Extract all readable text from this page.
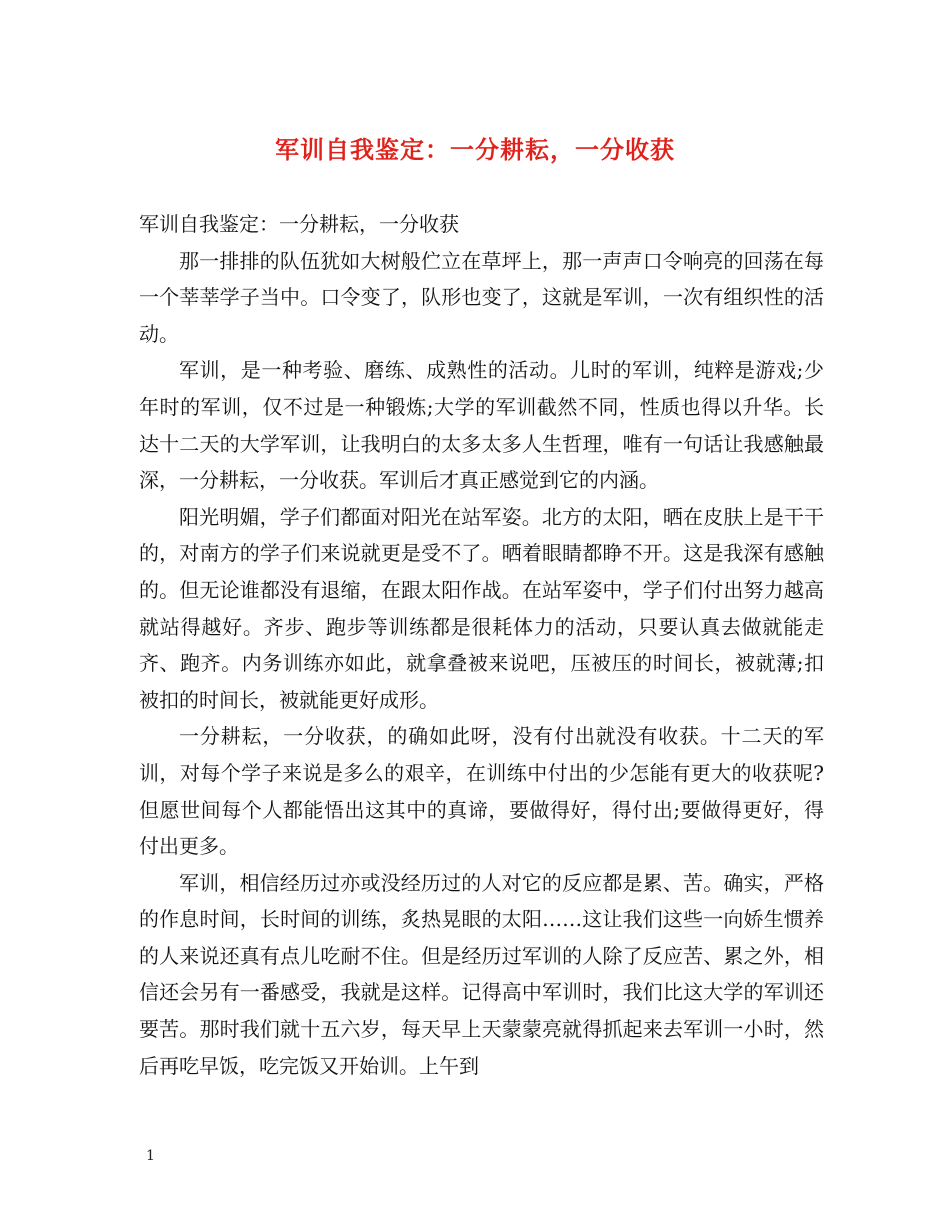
军训自我鉴定：一分耕耘，一分收获

军训自我鉴定：一分耕耘，一分收获

那一排排的队伍犹如大树般伫立在草坪上，那一声声口令响亮的回荡在每一个莘莘学子当中。口令变了，队形也变了，这就是军训，一次有组织性的活动。

军训，是一种考验、磨练、成熟性的活动。儿时的军训，纯粹是游戏;少年时的军训，仅不过是一种锻炼;大学的军训截然不同，性质也得以升华。长达十二天的大学军训，让我明白的太多太多人生哲理，唯有一句话让我感触最深，一分耕耘，一分收获。军训后才真正感觉到它的内涵。

阳光明媚，学子们都面对阳光在站军姿。北方的太阳，晒在皮肤上是干干的，对南方的学子们来说就更是受不了。晒着眼睛都睁不开。这是我深有感触的。但无论谁都没有退缩，在跟太阳作战。在站军姿中，学子们付出努力越高就站得越好。齐步、跑步等训练都是很耗体力的活动，只要认真去做就能走齐、跑齐。内务训练亦如此，就拿叠被来说吧，压被压的时间长，被就薄;扣被扣的时间长，被就能更好成形。

一分耕耘，一分收获，的确如此呀，没有付出就没有收获。十二天的军训，对每个学子来说是多么的艰辛，在训练中付出的少怎能有更大的收获呢?但愿世间每个人都能悟出这其中的真谛，要做得好，得付出;要做得更好，得付出更多。

军训，相信经历过亦或没经历过的人对它的反应都是累、苦。确实，严格的作息时间，长时间的训练，炙热晃眼的太阳……这让我们这些一向娇生惯养的人来说还真有点儿吃耐不住。但是经历过军训的人除了反应苦、累之外，相信还会另有一番感受，我就是这样。记得高中军训时，我们比这大学的军训还要苦。那时我们就十五六岁，每天早上天蒙蒙亮就得抓起来去军训一小时，然后再吃早饭，吃完饭又开始训。上午到

1
